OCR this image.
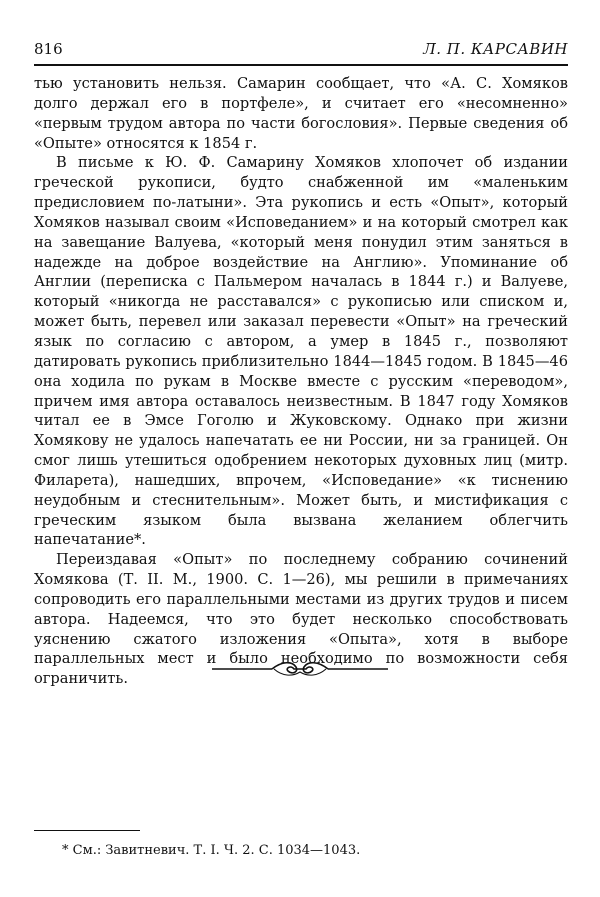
816	Л. П. КАРСАВИН

тью установить нельзя. Самарин сообщает, что «А. С. Хомяков долго держал его в портфеле», и считает его «несомненно» «первым трудом автора по части богословия». Первые сведения об «Опыте» относятся к 1854 г.

В письме к Ю. Ф. Самарину Хомяков хлопочет об издании греческой рукописи, будто снабженной им «маленьким предисловием по-латыни». Эта рукопись и есть «Опыт», который Хомяков называл своим «Исповеданием» и на который смотрел как на завещание Валуева, «который меня понудил этим заняться в надежде на доброе воздействие на Англию». Упоминание об Англии (переписка с Пальмером началась в 1844 г.) и Валуеве, который «никогда не расставался» с рукописью или списком и, может быть, перевел или заказал перевести «Опыт» на греческий язык по согласию с автором, а умер в 1845 г., позволяют датировать рукопись приблизительно 1844—1845 годом. В 1845—46 она ходила по рукам в Москве вместе с русским «переводом», причем имя автора оставалось неизвестным. В 1847 году Хомяков читал ее в Эмсе Гоголю и Жуковскому. Однако при жизни Хомякову не удалось напечатать ее ни России, ни за границей. Он смог лишь утешиться одобрением некоторых духовных лиц (митр. Филарета), нашедших, впрочем, «Исповедание» «к тиснению неудобным и стеснительным». Может быть, и мистификация с греческим языком была вызвана желанием облегчить напечатание*.

Переиздавая «Опыт» по последнему собранию сочинений Хомякова (Т. II. М., 1900. С. 1—26), мы решили в примечаниях сопроводить его параллельными местами из других трудов и писем автора. Надеемся, что это будет несколько способствовать уяснению сжатого изложения «Опыта», хотя в выборе параллельных мест и было необходимо по возможности себя ограничить.

* См.: Завитневич. Т. I. Ч. 2. С. 1034—1043.
